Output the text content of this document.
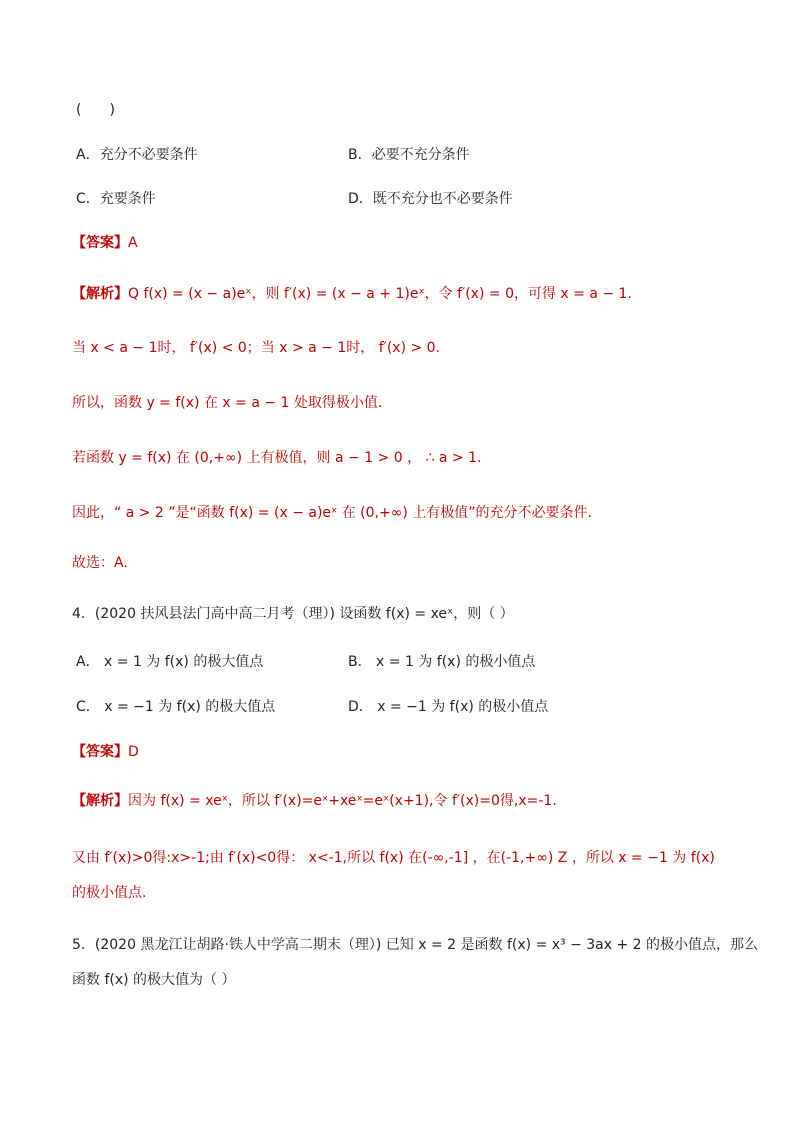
(　　)
A．充分不必要条件	B．必要不充分条件
C．充要条件	D．既不充分也不必要条件
【答案】A
【解析】Q f(x) = (x − a)eˣ，则 f′(x) = (x − a + 1)eˣ，令 f′(x) = 0，可得 x = a − 1.
当 x < a − 1时， f′(x) < 0；当 x > a − 1时， f′(x) > 0.
所以，函数 y = f(x) 在 x = a − 1 处取得极小值.
若函数 y = f(x) 在 (0,+∞) 上有极值，则 a − 1 > 0 ， ∴ a > 1.
因此，“ a > 2 ”是“函数 f(x) = (x − a)eˣ 在 (0,+∞) 上有极值”的充分不必要条件.
故选：A.
4．(2020 扶风县法门高中高二月考（理）) 设函数 f(x) = xeˣ，则（ ）
A． x = 1 为 f(x) 的极大值点	B． x = 1 为 f(x) 的极小值点
C． x = −1 为 f(x) 的极大值点	D． x = −1 为 f(x) 的极小值点
【答案】D
【解析】因为 f(x) = xeˣ，所以 f′(x)=eˣ+xeˣ=eˣ(x+1),令 f′(x)=0得,x=-1.
又由 f′(x)>0得:x>-1;由 f′(x)<0得： x<-1,所以 f(x) 在(-∞,-1] ，在(-1,+∞) Z ，所以 x = −1 为 f(x)
的极小值点.
5．(2020 黑龙江让胡路·铁人中学高二期末（理）) 已知 x = 2 是函数 f(x) = x³ − 3ax + 2 的极小值点，那么
函数 f(x) 的极大值为（ ）
